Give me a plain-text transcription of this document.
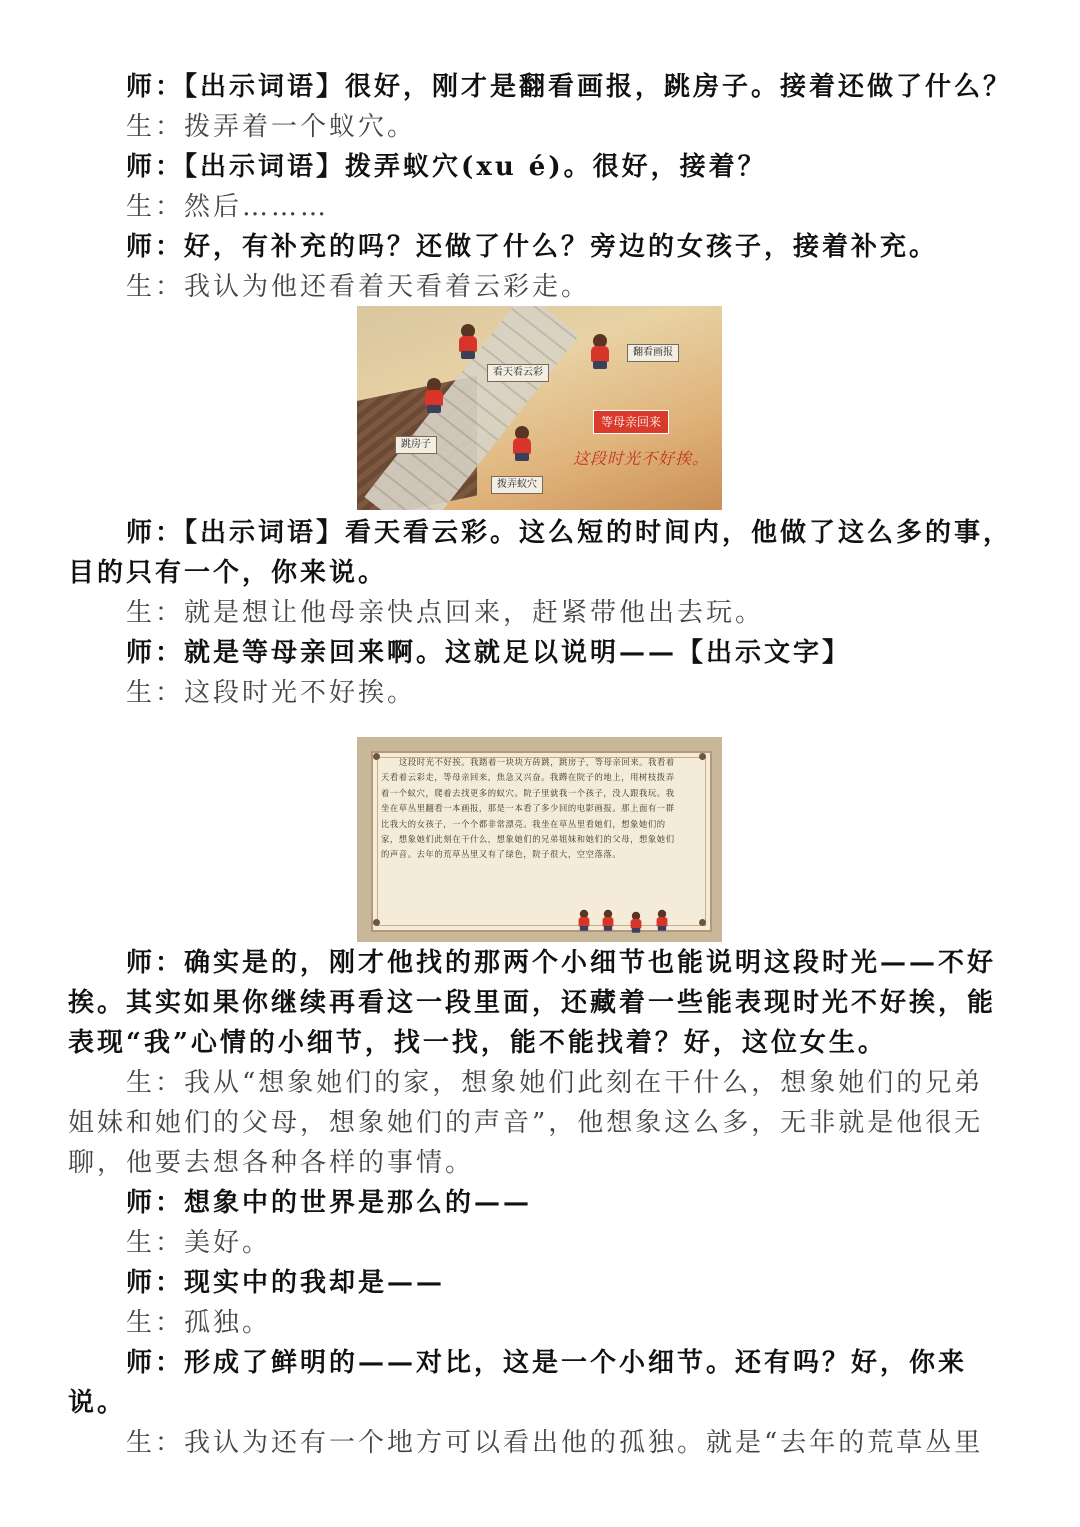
师：【出示词语】很好，刚才是翻看画报，跳房子。接着还做了什么？
生：拨弄着一个蚁穴。
师：【出示词语】拨弄蚁穴(xu é)。很好，接着？
生：然后………
师：好，有补充的吗？还做了什么？旁边的女孩子，接着补充。
生：我认为他还看着天看着云彩走。
翻看画报
看天看云彩
跳房子
拨弄蚁穴
等母亲回来
这段时光不好挨。
师：【出示词语】看天看云彩。这么短的时间内，他做了这么多的事，
目的只有一个，你来说。
生：就是想让他母亲快点回来，赶紧带他出去玩。
师：就是等母亲回来啊。这就足以说明——【出示文字】
生：这段时光不好挨。
这段时光不好挨。我踏着一块块方砖跳，跳房子，等母亲回来。我看着天看着云彩走，等母亲回来，焦急又兴奋。我蹲在院子的地上，用树枝拨弄着一个蚁穴，爬着去找更多的蚁穴。院子里就我一个孩子，没人跟我玩。我坐在草丛里翻看一本画报，那是一本看了多少回的电影画报。那上面有一群比我大的女孩子，一个个都非常漂亮。我坐在草丛里看她们，想象她们的家，想象她们此刻在干什么，想象她们的兄弟姐妹和她们的父母，想象她们的声音。去年的荒草丛里又有了绿色，院子很大，空空落落。
师：确实是的，刚才他找的那两个小细节也能说明这段时光——不好
挨。其实如果你继续再看这一段里面，还藏着一些能表现时光不好挨，能
表现“我”心情的小细节，找一找，能不能找着？好，这位女生。
生：我从“想象她们的家，想象她们此刻在干什么，想象她们的兄弟
姐妹和她们的父母，想象她们的声音”，他想象这么多，无非就是他很无
聊，他要去想各种各样的事情。
师：想象中的世界是那么的——
生：美好。
师：现实中的我却是——
生：孤独。
师：形成了鲜明的——对比，这是一个小细节。还有吗？好，你来
说。
生：我认为还有一个地方可以看出他的孤独。就是“去年的荒草丛里
